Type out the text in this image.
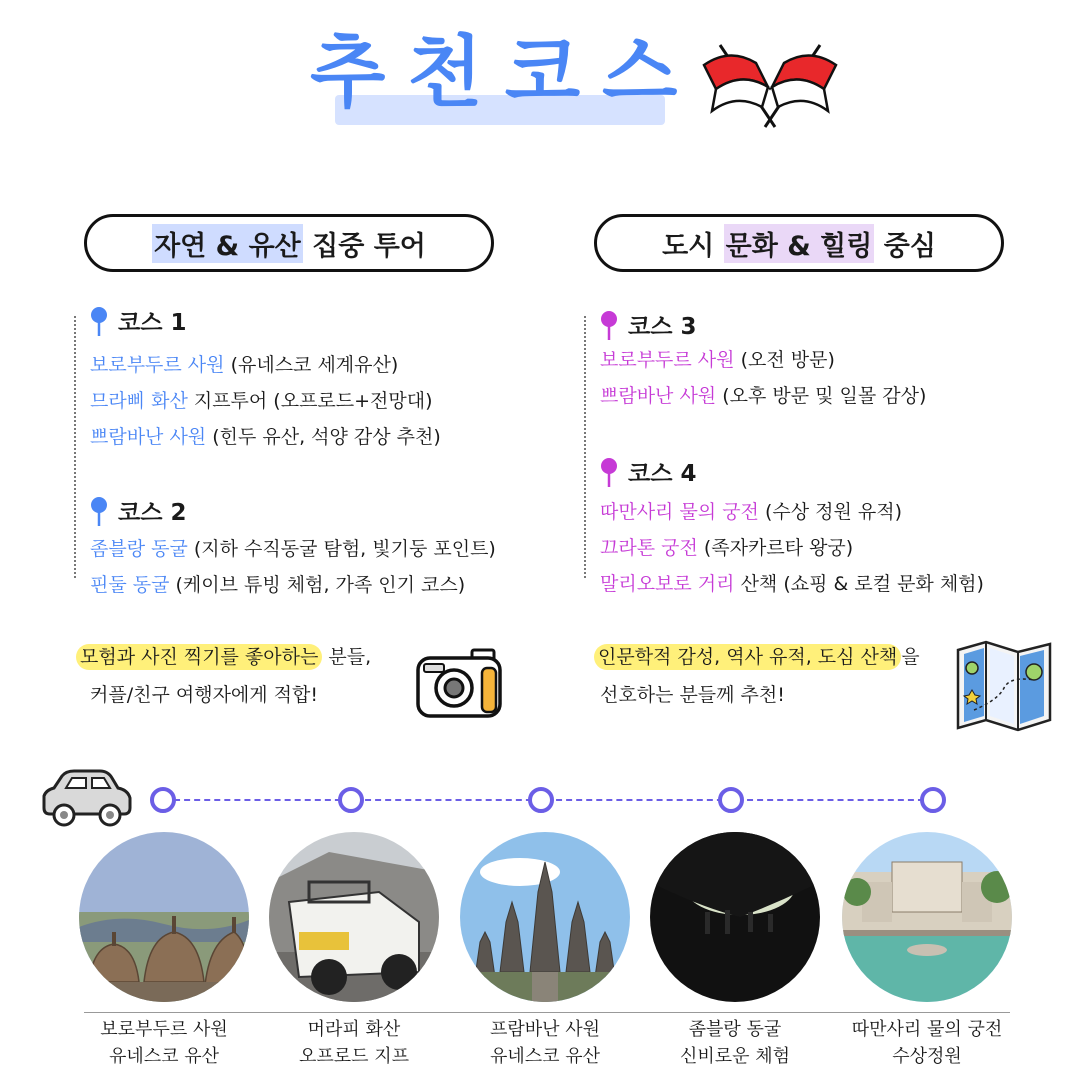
추천코스
자연 & 유산 집중 투어	도시 문화 & 힐링 중심
코스 1
보로부두르 사원 (유네스코 세계유산)
므라삐 화산 지프투어 (오프로드+전망대)
쁘람바난 사원 (힌두 유산, 석양 감상 추천)
코스 2
좀블랑 동굴 (지하 수직동굴 탐험, 빛기둥 포인트)
핀둘 동굴 (케이브 튜빙 체험, 가족 인기 코스)
코스 3
보로부두르 사원 (오전 방문)
쁘람바난 사원 (오후 방문 및 일몰 감상)
코스 4
따만사리 물의 궁전 (수상 정원 유적)
끄라톤 궁전 (족자카르타 왕궁)
말리오보로 거리 산책 (쇼핑 & 로컬 문화 체험)
모험과 사진 찍기를 좋아하는 분들,
커플/친구 여행자에게 적합!
인문학적 감성, 역사 유적, 도심 산책 을
선호하는 분들께 추천!
보로부두르 사원
유네스코 유산
머라피 화산
오프로드 지프
프람바난 사원
유네스코 유산
좀블랑 동굴
신비로운 체험
따만사리 물의 궁전
수상정원
